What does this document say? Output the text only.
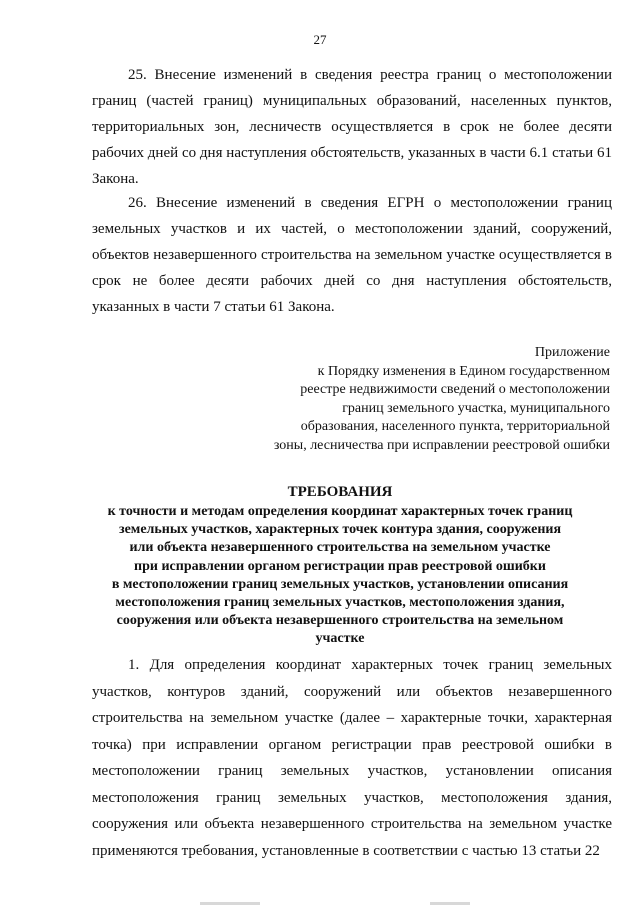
27

25. Внесение изменений в сведения реестра границ о местоположении границ (частей границ) муниципальных образований, населенных пунктов, территориальных зон, лесничеств осуществляется в срок не более десяти рабочих дней со дня наступления обстоятельств, указанных в части 6.1 статьи 61 Закона.

26. Внесение изменений в сведения ЕГРН о местоположении границ земельных участков и их частей, о местоположении зданий, сооружений, объектов незавершенного строительства на земельном участке осуществляется в срок не более десяти рабочих дней со дня наступления обстоятельств, указанных в части 7 статьи 61 Закона.

Приложение
к Порядку изменения в Едином государственном
реестре недвижимости сведений о местоположении
границ земельного участка, муниципального
образования, населенного пункта, территориальной
зоны, лесничества при исправлении реестровой ошибки
ТРЕБОВАНИЯ
к точности и методам определения координат характерных точек границ
земельных участков, характерных точек контура здания, сооружения
или объекта незавершенного строительства на земельном участке
при исправлении органом регистрации прав реестровой ошибки
в местоположении границ земельных участков, установлении описания
местоположения границ земельных участков, местоположения здания,
сооружения или объекта незавершенного строительства на земельном
участке

1. Для определения координат характерных точек границ земельных участков, контуров зданий, сооружений или объектов незавершенного строительства на земельном участке (далее – характерные точки, характерная точка) при исправлении органом регистрации прав реестровой ошибки в местоположении границ земельных участков, установлении описания местоположения границ земельных участков, местоположения здания, сооружения или объекта незавершенного строительства на земельном участке применяются требования, установленные в соответствии с частью 13 статьи 22
